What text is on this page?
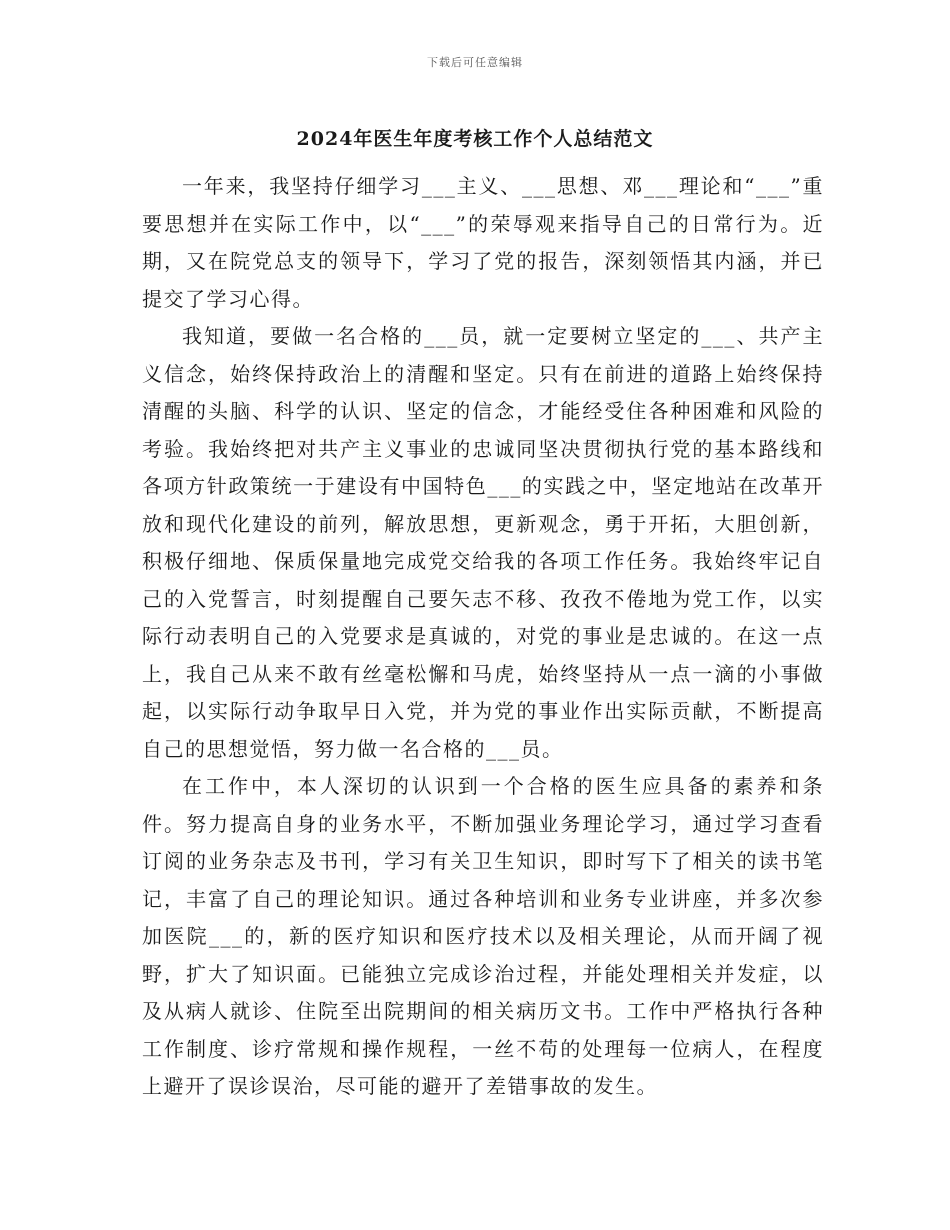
下载后可任意编辑
2024年医生年度考核工作个人总结范文

一年来，我坚持仔细学习___主义、___思想、邓___理论和“___”重要思想并在实际工作中，以“___”的荣辱观来指导自己的日常行为。近期，又在院党总支的领导下，学习了党的报告，深刻领悟其内涵，并已提交了学习心得。

我知道，要做一名合格的___员，就一定要树立坚定的___、共产主义信念，始终保持政治上的清醒和坚定。只有在前进的道路上始终保持清醒的头脑、科学的认识、坚定的信念，才能经受住各种困难和风险的考验。我始终把对共产主义事业的忠诚同坚决贯彻执行党的基本路线和各项方针政策统一于建设有中国特色___的实践之中，坚定地站在改革开放和现代化建设的前列，解放思想，更新观念，勇于开拓，大胆创新，积极仔细地、保质保量地完成党交给我的各项工作任务。我始终牢记自己的入党誓言，时刻提醒自己要矢志不移、孜孜不倦地为党工作，以实际行动表明自己的入党要求是真诚的，对党的事业是忠诚的。在这一点上，我自己从来不敢有丝毫松懈和马虎，始终坚持从一点一滴的小事做起，以实际行动争取早日入党，并为党的事业作出实际贡献，不断提高自己的思想觉悟，努力做一名合格的___员。

在工作中，本人深切的认识到一个合格的医生应具备的素养和条件。努力提高自身的业务水平，不断加强业务理论学习，通过学习查看订阅的业务杂志及书刊，学习有关卫生知识，即时写下了相关的读书笔记，丰富了自己的理论知识。通过各种培训和业务专业讲座，并多次参加医院___的，新的医疗知识和医疗技术以及相关理论，从而开阔了视野，扩大了知识面。已能独立完成诊治过程，并能处理相关并发症，以及从病人就诊、住院至出院期间的相关病历文书。工作中严格执行各种工作制度、诊疗常规和操作规程，一丝不苟的处理每一位病人，在程度上避开了误诊误治，尽可能的避开了差错事故的发生。
